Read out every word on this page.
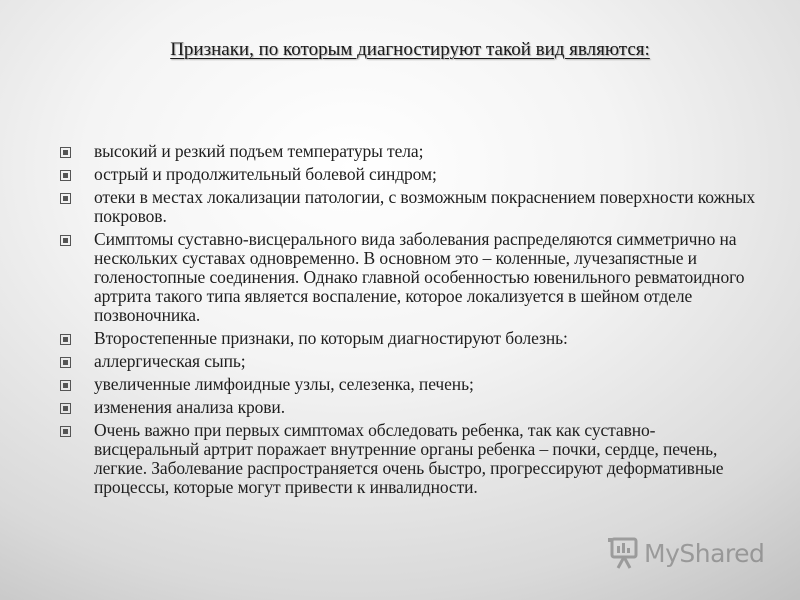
Признаки, по которым диагностируют такой вид являются:
высокий и резкий подъем температуры тела;
острый и продолжительный болевой синдром;
отеки в местах локализации патологии, с возможным покраснением поверхности кожных покровов.
Симптомы суставно-висцерального вида заболевания распределяются симметрично на нескольких суставах одновременно. В основном это – коленные, лучезапястные и голеностопные соединения. Однако главной особенностью ювенильного ревматоидного артрита такого типа является воспаление, которое локализуется в шейном отделе позвоночника.
Второстепенные признаки, по которым диагностируют болезнь:
аллергическая сыпь;
увеличенные лимфоидные узлы, селезенка, печень;
изменения анализа крови.
Очень важно при первых симптомах обследовать ребенка, так как суставно-висцеральный артрит поражает внутренние органы ребенка – почки, сердце, печень, легкие. Заболевание распространяется очень быстро, прогрессируют деформативные процессы, которые могут привести к инвалидности.
MyShared
